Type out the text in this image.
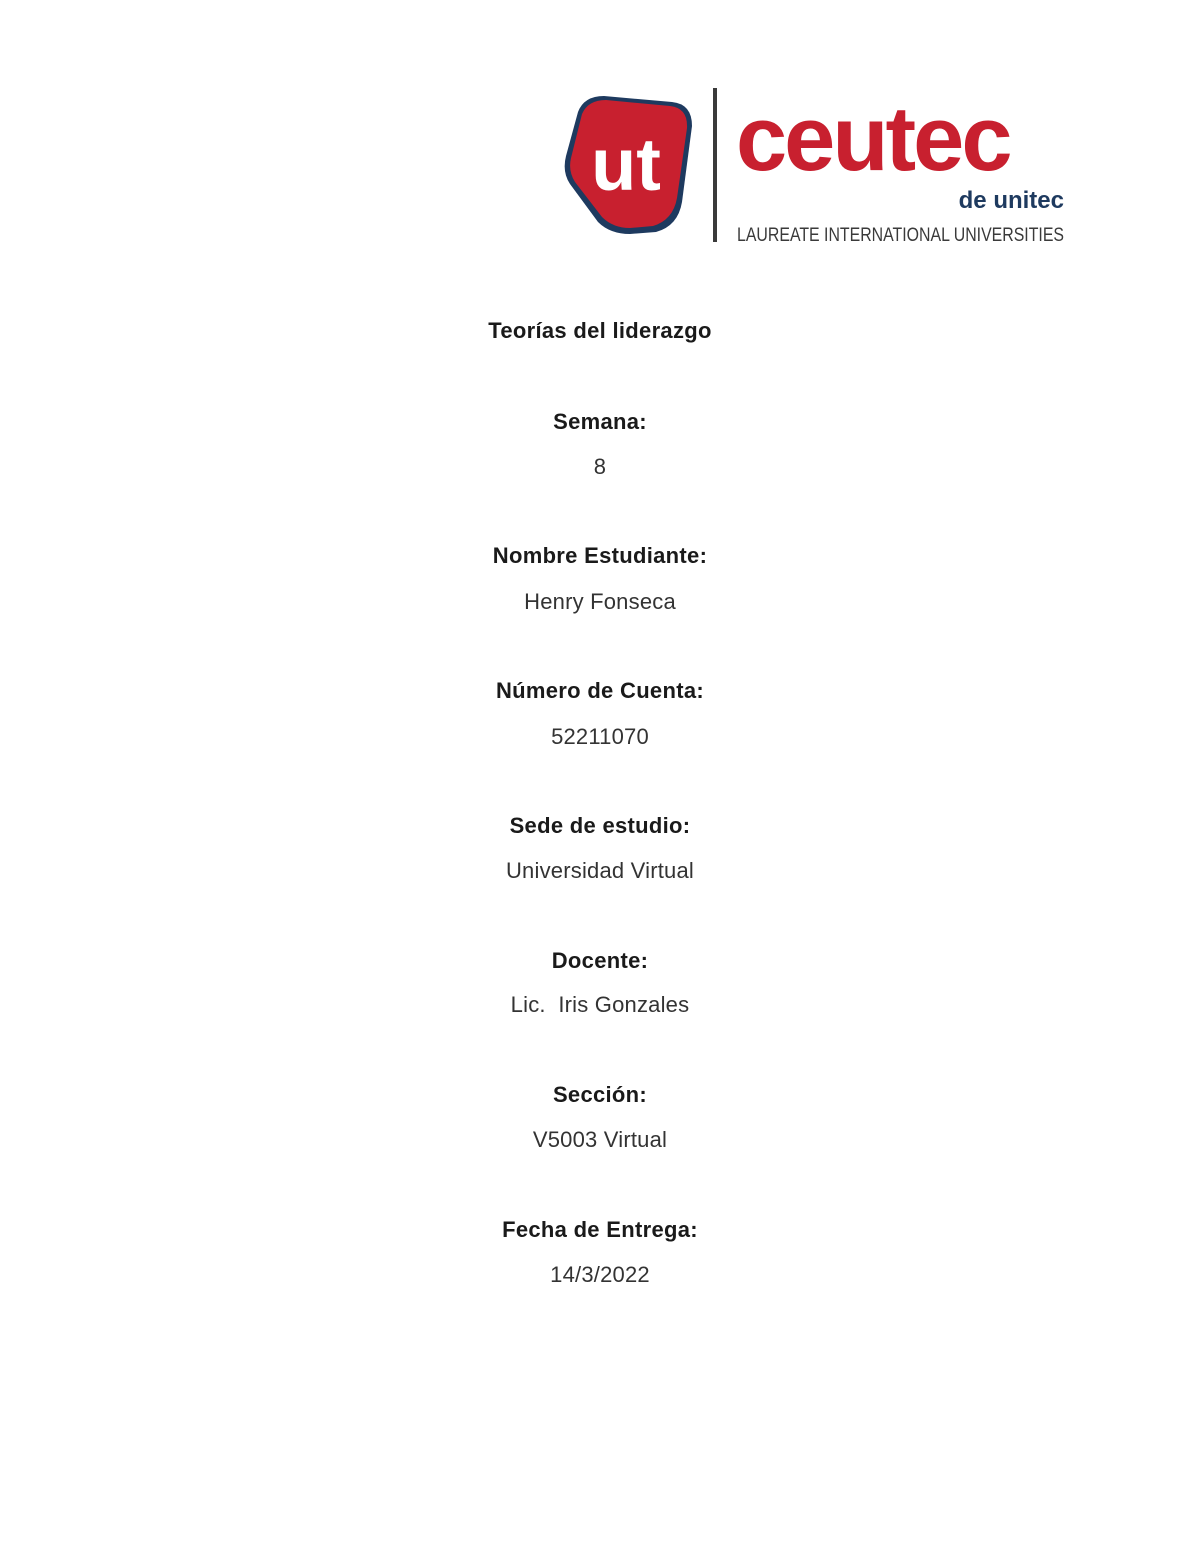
ut ceutec
de unitec
LAUREATE INTERNATIONAL UNIVERSITIES
Teorías del liderazgo
Semana:
8
Nombre Estudiante:
Henry Fonseca
Número de Cuenta:
52211070
Sede de estudio:
Universidad Virtual
Docente:
Lic.  Iris Gonzales
Sección:
V5003 Virtual
Fecha de Entrega:
14/3/2022
